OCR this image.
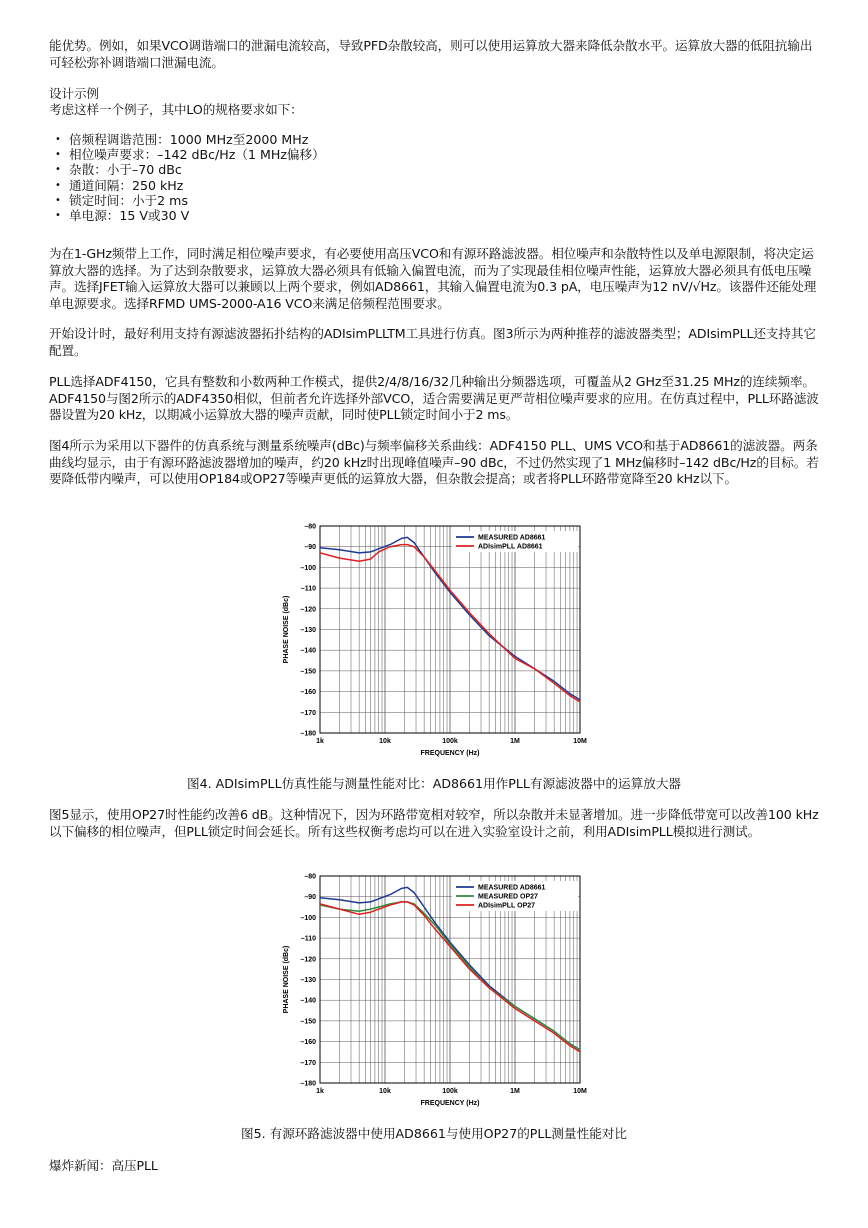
能优势。例如，如果VCO调谐端口的泄漏电流较高，导致PFD杂散较高，则可以使用运算放大器来降低杂散水平。运算放大器的低阻抗输出可轻松弥补调谐端口泄漏电流。

设计示例

考虑这样一个例子，其中LO的规格要求如下：

• 倍频程调谐范围：1000 MHz至2000 MHz
• 相位噪声要求：–142 dBc/Hz（1 MHz偏移）
• 杂散：小于–70 dBc
• 通道间隔：250 kHz
• 锁定时间：小于2 ms
• 单电源：15 V或30 V

为在1-GHz频带上工作，同时满足相位噪声要求，有必要使用高压VCO和有源环路滤波器。相位噪声和杂散特性以及单电源限制，将决定运算放大器的选择。为了达到杂散要求，运算放大器必须具有低输入偏置电流，而为了实现最佳相位噪声性能，运算放大器必须具有低电压噪声。选择JFET输入运算放大器可以兼顾以上两个要求，例如AD8661，其输入偏置电流为0.3 pA，电压噪声为12 nV/√Hz。该器件还能处理单电源要求。选择RFMD UMS-2000-A16 VCO来满足倍频程范围要求。

开始设计时，最好利用支持有源滤波器拓扑结构的ADIsimPLLTM工具进行仿真。图3所示为两种推荐的滤波器类型；ADIsimPLL还支持其它配置。

PLL选择ADF4150，它具有整数和小数两种工作模式，提供2/4/8/16/32几种输出分频器选项，可覆盖从2 GHz至31.25 MHz的连续频率。ADF4150与图2所示的ADF4350相似，但前者允许选择外部VCO，适合需要满足更严苛相位噪声要求的应用。在仿真过程中，PLL环路滤波器设置为20 kHz，以期减小运算放大器的噪声贡献，同时使PLL锁定时间小于2 ms。

图4所示为采用以下器件的仿真系统与测量系统噪声(dBc)与频率偏移关系曲线：ADF4150 PLL、UMS VCO和基于AD8661的滤波器。两条曲线均显示，由于有源环路滤波器增加的噪声，约20 kHz时出现峰值噪声–90 dBc，不过仍然实现了1 MHz偏移时–142 dBc/Hz的目标。若要降低带内噪声，可以使用OP184或OP27等噪声更低的运算放大器，但杂散会提高；或者将PLL环路带宽降至20 kHz以下。

–80
–90
–100
–110
–120
–130
–140
–150
–160
–170
–180
1k	10k	100k	1M	10M
FREQUENCY (Hz)
PHASE NOISE (dBc)
MEASURED AD8661
ADIsimPLL AD8661
图4. ADIsimPLL仿真性能与测量性能对比：AD8661用作PLL有源滤波器中的运算放大器

图5显示，使用OP27时性能约改善6 dB。这种情况下，因为环路带宽相对较窄，所以杂散并未显著增加。进一步降低带宽可以改善100 kHz以下偏移的相位噪声，但PLL锁定时间会延长。所有这些权衡考虑均可以在进入实验室设计之前，利用ADIsimPLL模拟进行测试。

–80
–90
–100
–110
–120
–130
–140
–150
–160
–170
–180
1k	10k	100k	1M	10M
FREQUENCY (Hz)
PHASE NOISE (dBc)
MEASURED AD8661
MEASURED OP27
ADIsimPLL OP27
图5. 有源环路滤波器中使用AD8661与使用OP27的PLL测量性能对比

爆炸新闻：高压PLL
